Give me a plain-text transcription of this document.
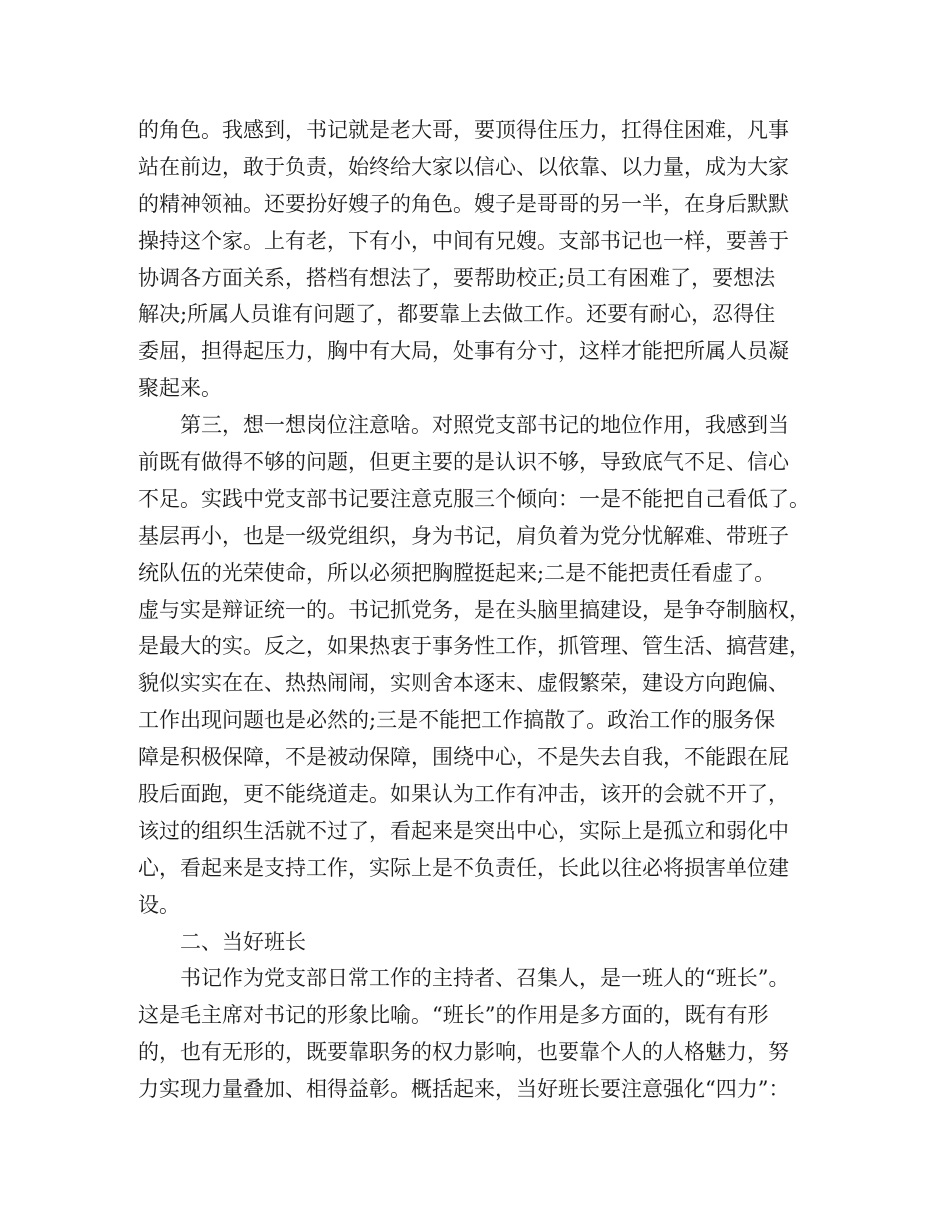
的角色。我感到，书记就是老大哥，要顶得住压力，扛得住困难，凡事
站在前边，敢于负责，始终给大家以信心、以依靠、以力量，成为大家
的精神领袖。还要扮好嫂子的角色。嫂子是哥哥的另一半，在身后默默
操持这个家。上有老，下有小，中间有兄嫂。支部书记也一样，要善于
协调各方面关系，搭档有想法了，要帮助校正;员工有困难了，要想法
解决;所属人员谁有问题了，都要靠上去做工作。还要有耐心，忍得住
委屈，担得起压力，胸中有大局，处事有分寸，这样才能把所属人员凝
聚起来。
第三，想一想岗位注意啥。对照党支部书记的地位作用，我感到当
前既有做得不够的问题，但更主要的是认识不够，导致底气不足、信心
不足。实践中党支部书记要注意克服三个倾向：一是不能把自己看低了。
基层再小，也是一级党组织，身为书记，肩负着为党分忧解难、带班子
统队伍的光荣使命，所以必须把胸膛挺起来;二是不能把责任看虚了。
虚与实是辩证统一的。书记抓党务，是在头脑里搞建设，是争夺制脑权，
是最大的实。反之，如果热衷于事务性工作，抓管理、管生活、搞营建，
貌似实实在在、热热闹闹，实则舍本逐末、虚假繁荣，建设方向跑偏、
工作出现问题也是必然的;三是不能把工作搞散了。政治工作的服务保
障是积极保障，不是被动保障，围绕中心，不是失去自我，不能跟在屁
股后面跑，更不能绕道走。如果认为工作有冲击，该开的会就不开了，
该过的组织生活就不过了，看起来是突出中心，实际上是孤立和弱化中
心，看起来是支持工作，实际上是不负责任，长此以往必将损害单位建
设。
二、当好班长
书记作为党支部日常工作的主持者、召集人，是一班人的“班长”。
这是毛主席对书记的形象比喻。“班长”的作用是多方面的，既有有形
的，也有无形的，既要靠职务的权力影响，也要靠个人的人格魅力，努
力实现力量叠加、相得益彰。概括起来，当好班长要注意强化“四力”：
